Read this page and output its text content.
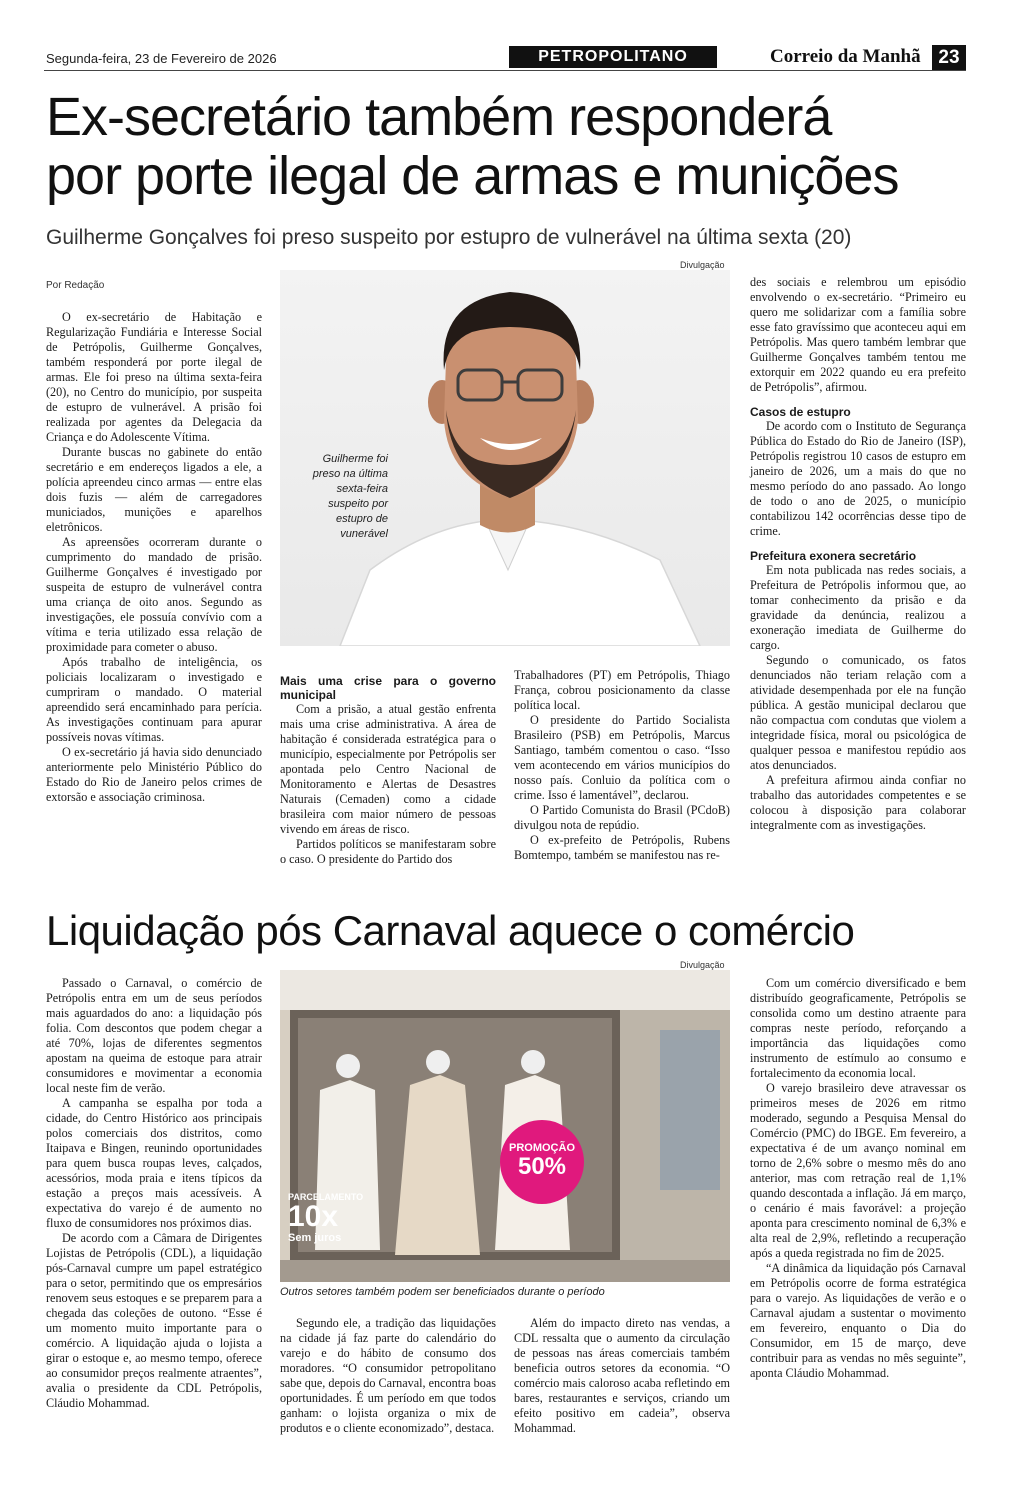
Segunda-feira, 23 de Fevereiro de 2026	PETROPOLITANO	Correio da Manhã 23
Ex-secretário também responderá
por porte ilegal de armas e munições
Guilherme Gonçalves foi preso suspeito por estupro de vulnerável na última sexta (20)
Por Redação

O ex-secretário de Habitação e Regularização Fundiária e Interesse Social de Petrópolis, Guilherme Gonçalves, também responderá por porte ilegal de armas. Ele foi preso na última sexta-feira (20), no Centro do município, por suspeita de estupro de vulnerável. A prisão foi realizada por agentes da Delegacia da Criança e do Adolescente Vítima.

Durante buscas no gabinete do então secretário e em endereços ligados a ele, a polícia apreendeu cinco armas — entre elas dois fuzis — além de carregadores municiados, munições e aparelhos eletrônicos.

As apreensões ocorreram durante o cumprimento do mandado de prisão. Guilherme Gonçalves é investigado por suspeita de estupro de vulnerável contra uma criança de oito anos. Segundo as investigações, ele possuía convívio com a vítima e teria utilizado essa relação de proximidade para cometer o abuso.

Após trabalho de inteligência, os policiais localizaram o investigado e cumpriram o mandado. O material apreendido será encaminhado para perícia. As investigações continuam para apurar possíveis novas vítimas.

O ex-secretário já havia sido denunciado anteriormente pelo Ministério Público do Estado do Rio de Janeiro pelos crimes de extorsão e associação criminosa.

Divulgação
Guilherme foi preso na última sexta-feira suspeito por estupro de vunerável
Mais uma crise para o governo municipal

Com a prisão, a atual gestão enfrenta mais uma crise administrativa. A área de habitação é considerada estratégica para o município, especialmente por Petrópolis ser apontada pelo Centro Nacional de Monitoramento e Alertas de Desastres Naturais (Cemaden) como a cidade brasileira com maior número de pessoas vivendo em áreas de risco.

Partidos políticos se manifestaram sobre o caso. O presidente do Partido dos

Trabalhadores (PT) em Petrópolis, Thiago França, cobrou posicionamento da classe política local.

O presidente do Partido Socialista Brasileiro (PSB) em Petrópolis, Marcus Santiago, também comentou o caso. “Isso vem acontecendo em vários municípios do nosso país. Conluio da política com o crime. Isso é lamentável”, declarou.

O Partido Comunista do Brasil (PCdoB) divulgou nota de repúdio.

O ex-prefeito de Petrópolis, Rubens Bomtempo, também se manifestou nas re-

des sociais e relembrou um episódio envolvendo o ex-secretário. “Primeiro eu quero me solidarizar com a família sobre esse fato gravíssimo que aconteceu aqui em Petrópolis. Mas quero também lembrar que Guilherme Gonçalves também tentou me extorquir em 2022 quando eu era prefeito de Petrópolis”, afirmou.

Casos de estupro

De acordo com o Instituto de Segurança Pública do Estado do Rio de Janeiro (ISP), Petrópolis registrou 10 casos de estupro em janeiro de 2026, um a mais do que no mesmo período do ano passado. Ao longo de todo o ano de 2025, o município contabilizou 142 ocorrências desse tipo de crime.

Prefeitura exonera secretário

Em nota publicada nas redes sociais, a Prefeitura de Petrópolis informou que, ao tomar conhecimento da prisão e da gravidade da denúncia, realizou a exoneração imediata de Guilherme do cargo.

Segundo o comunicado, os fatos denunciados não teriam relação com a atividade desempenhada por ele na função pública. A gestão municipal declarou que não compactua com condutas que violem a integridade física, moral ou psicológica de qualquer pessoa e manifestou repúdio aos atos denunciados.

A prefeitura afirmou ainda confiar no trabalho das autoridades competentes e se colocou à disposição para colaborar integralmente com as investigações.

Liquidação pós Carnaval aquece o comércio

Passado o Carnaval, o comércio de Petrópolis entra em um de seus períodos mais aguardados do ano: a liquidação pós folia. Com descontos que podem chegar a até 70%, lojas de diferentes segmentos apostam na queima de estoque para atrair consumidores e movimentar a economia local neste fim de verão.

A campanha se espalha por toda a cidade, do Centro Histórico aos principais polos comerciais dos distritos, como Itaipava e Bingen, reunindo oportunidades para quem busca roupas leves, calçados, acessórios, moda praia e itens típicos da estação a preços mais acessíveis. A expectativa do varejo é de aumento no fluxo de consumidores nos próximos dias.

De acordo com a Câmara de Dirigentes Lojistas de Petrópolis (CDL), a liquidação pós-Carnaval cumpre um papel estratégico para o setor, permitindo que os empresários renovem seus estoques e se preparem para a chegada das coleções de outono. “Esse é um momento muito importante para o comércio. A liquidação ajuda o lojista a girar o estoque e, ao mesmo tempo, oferece ao consumidor preços realmente atraentes”, avalia o presidente da CDL Petrópolis, Cláudio Mohammad.

Divulgação
PROMOÇÃO
50%
PARCELAMENTO
10x
Sem juros
Outros setores também podem ser beneficiados durante o período

Segundo ele, a tradição das liquidações na cidade já faz parte do calendário do varejo e do hábito de consumo dos moradores. “O consumidor petropolitano sabe que, depois do Carnaval, encontra boas oportunidades. É um período em que todos ganham: o lojista organiza o mix de produtos e o cliente economizado”, destaca.

Além do impacto direto nas vendas, a CDL ressalta que o aumento da circulação de pessoas nas áreas comerciais também beneficia outros setores da economia. “O comércio mais caloroso acaba refletindo em bares, restaurantes e serviços, criando um efeito positivo em cadeia”, observa Mohammad.

Com um comércio diversificado e bem distribuído geograficamente, Petrópolis se consolida como um destino atraente para compras neste período, reforçando a importância das liquidações como instrumento de estímulo ao consumo e fortalecimento da economia local.

O varejo brasileiro deve atravessar os primeiros meses de 2026 em ritmo moderado, segundo a Pesquisa Mensal do Comércio (PMC) do IBGE. Em fevereiro, a expectativa é de um avanço nominal em torno de 2,6% sobre o mesmo mês do ano anterior, mas com retração real de 1,1% quando descontada a inflação. Já em março, o cenário é mais favorável: a projeção aponta para crescimento nominal de 6,3% e alta real de 2,9%, refletindo a recuperação após a queda registrada no fim de 2025.

“A dinâmica da liquidação pós Carnaval em Petrópolis ocorre de forma estratégica para o varejo. As liquidações de verão e o Carnaval ajudam a sustentar o movimento em fevereiro, enquanto o Dia do Consumidor, em 15 de março, deve contribuir para as vendas no mês seguinte”, aponta Cláudio Mohammad.
